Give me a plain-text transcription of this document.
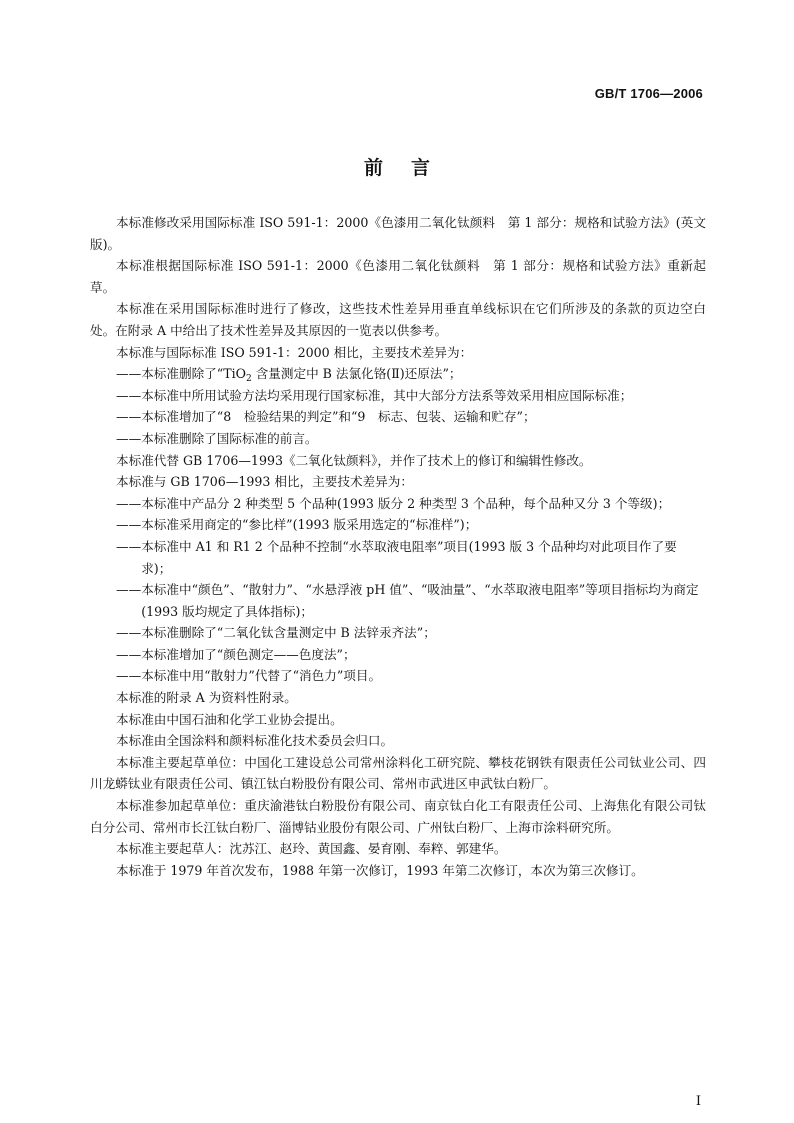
GB/T 1706—2006
前言

本标准修改采用国际标准 ISO 591-1：2000《色漆用二氧化钛颜料　第 1 部分：规格和试验方法》(英文版)。

本标准根据国际标准 ISO 591-1：2000《色漆用二氧化钛颜料　第 1 部分：规格和试验方法》重新起草。

本标准在采用国际标准时进行了修改，这些技术性差异用垂直单线标识在它们所涉及的条款的页边空白处。在附录 A 中给出了技术性差异及其原因的一览表以供参考。

本标准与国际标准 ISO 591-1：2000 相比，主要技术差异为：

—— 本标准删除了“TiO$_2$ 含量测定中 B 法氯化铬(Ⅱ)还原法”；
—— 本标准中所用试验方法均采用现行国家标准，其中大部分方法系等效采用相应国际标准；
—— 本标准增加了“8　检验结果的判定”和“9　标志、包装、运输和贮存”；
—— 本标准删除了国际标准的前言。

本标准代替 GB 1706—1993《二氧化钛颜料》，并作了技术上的修订和编辑性修改。

本标准与 GB 1706—1993 相比，主要技术差异为：

—— 本标准中产品分 2 种类型 5 个品种(1993 版分 2 种类型 3 个品种，每个品种又分 3 个等级)；
—— 本标准采用商定的“参比样”(1993 版采用选定的“标准样”)；
—— 本标准中 A1 和 R1 2 个品种不控制“水萃取液电阻率”项目(1993 版 3 个品种均对此项目作了要求)；
—— 本标准中“颜色”、“散射力”、“水悬浮液 pH 值”、“吸油量”、“水萃取液电阻率”等项目指标均为商定(1993 版均规定了具体指标)；
—— 本标准删除了“二氧化钛含量测定中 B 法锌汞齐法”；
—— 本标准增加了“颜色测定——色度法”；
—— 本标准中用“散射力”代替了“消色力”项目。

本标准的附录 A 为资料性附录。

本标准由中国石油和化学工业协会提出。

本标准由全国涂料和颜料标准化技术委员会归口。

本标准主要起草单位：中国化工建设总公司常州涂料化工研究院、攀枝花钢铁有限责任公司钛业公司、四川龙蟒钛业有限责任公司、镇江钛白粉股份有限公司、常州市武进区申武钛白粉厂。

本标准参加起草单位：重庆渝港钛白粉股份有限公司、南京钛白化工有限责任公司、上海焦化有限公司钛白分公司、常州市长江钛白粉厂、淄博钴业股份有限公司、广州钛白粉厂、上海市涂料研究所。

本标准主要起草人：沈苏江、赵玲、黄国鑫、晏育刚、奉粹、郭建华。

本标准于 1979 年首次发布，1988 年第一次修订，1993 年第二次修订，本次为第三次修订。

I
